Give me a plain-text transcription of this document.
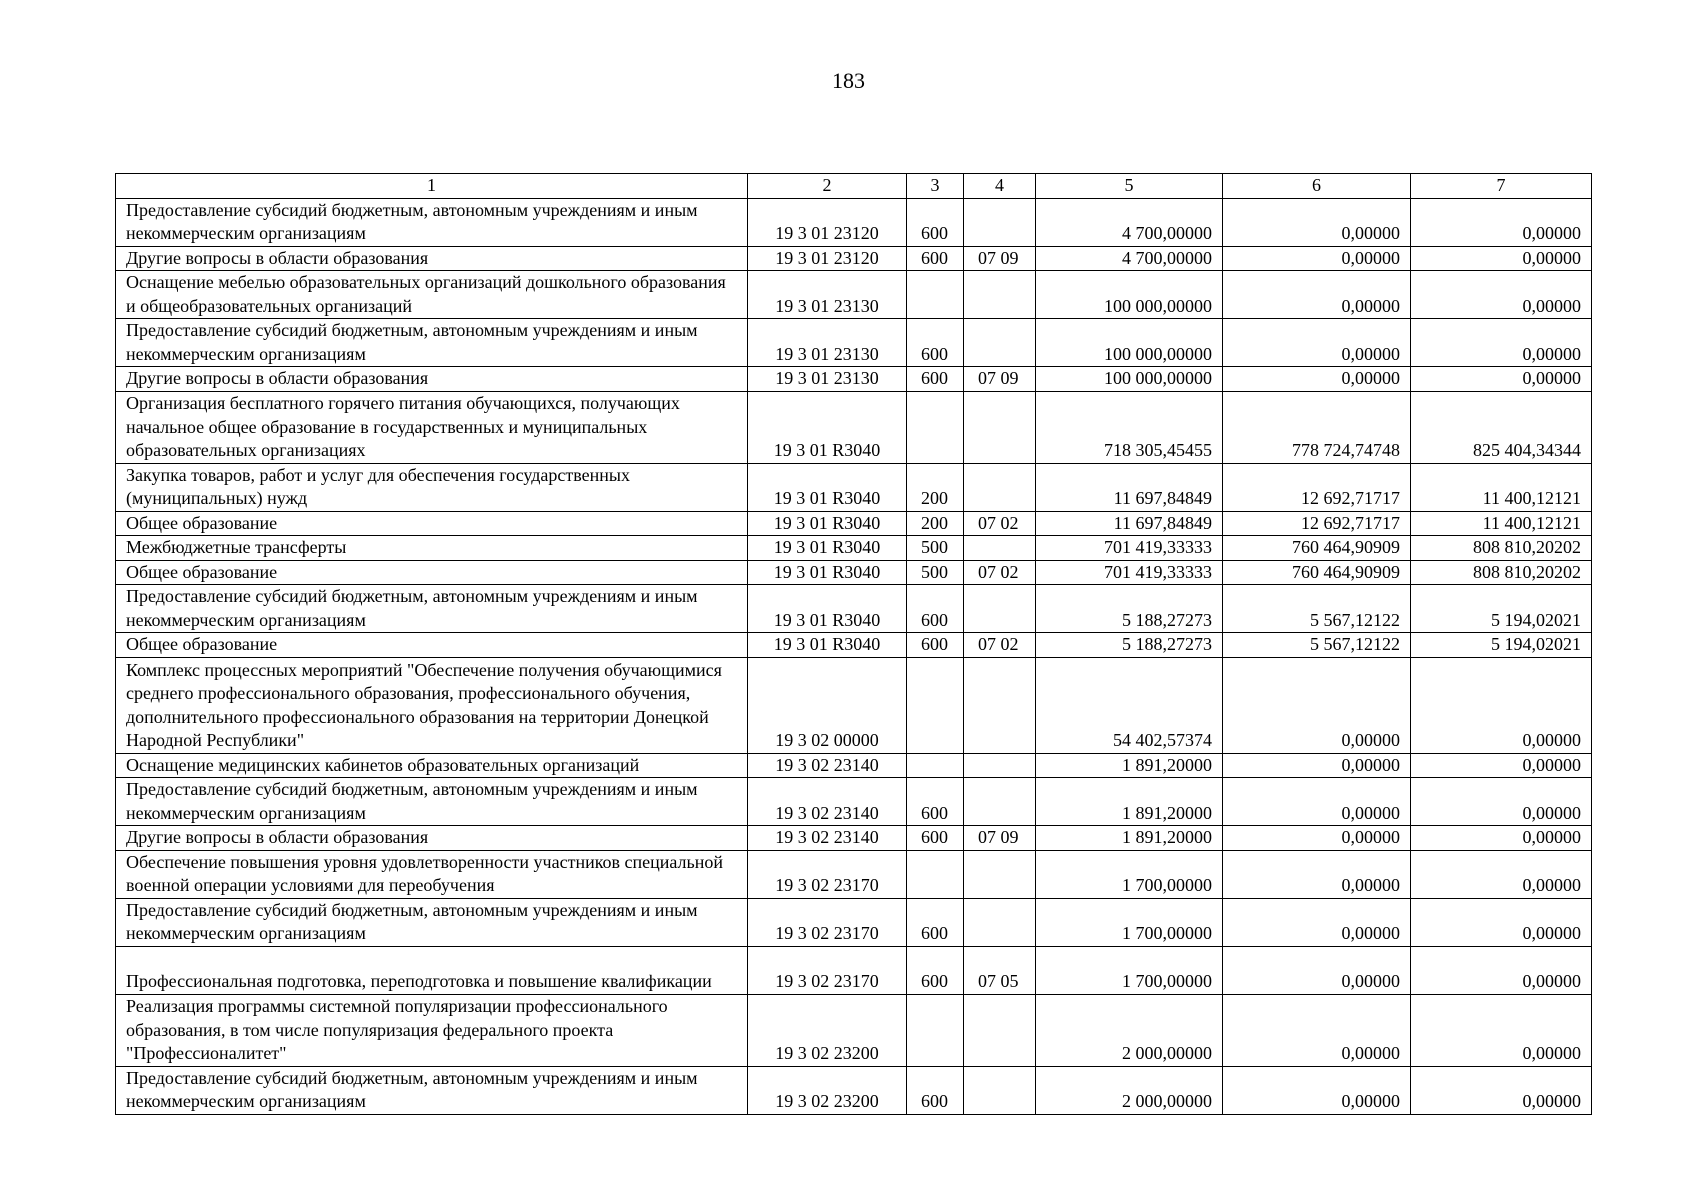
183
1	2	3	4	5	6	7
Предоставление субсидий бюджетным, автономным учреждениям и иным некоммерческим организациям	19 3 01 23120	600		4 700,00000	0,00000	0,00000
Другие вопросы в области образования	19 3 01 23120	600	07 09	4 700,00000	0,00000	0,00000
Оснащение мебелью образовательных организаций дошкольного образования и общеобразовательных организаций	19 3 01 23130			100 000,00000	0,00000	0,00000
Предоставление субсидий бюджетным, автономным учреждениям и иным некоммерческим организациям	19 3 01 23130	600		100 000,00000	0,00000	0,00000
Другие вопросы в области образования	19 3 01 23130	600	07 09	100 000,00000	0,00000	0,00000
Организация бесплатного горячего питания обучающихся, получающих начальное общее образование в государственных и муниципальных образовательных организациях	19 3 01 R3040			718 305,45455	778 724,74748	825 404,34344
Закупка товаров, работ и услуг для обеспечения государственных (муниципальных) нужд	19 3 01 R3040	200		11 697,84849	12 692,71717	11 400,12121
Общее образование	19 3 01 R3040	200	07 02	11 697,84849	12 692,71717	11 400,12121
Межбюджетные трансферты	19 3 01 R3040	500		701 419,33333	760 464,90909	808 810,20202
Общее образование	19 3 01 R3040	500	07 02	701 419,33333	760 464,90909	808 810,20202
Предоставление субсидий бюджетным, автономным учреждениям и иным некоммерческим организациям	19 3 01 R3040	600		5 188,27273	5 567,12122	5 194,02021
Общее образование	19 3 01 R3040	600	07 02	5 188,27273	5 567,12122	5 194,02021
Комплекс процессных мероприятий "Обеспечение получения обучающимися среднего профессионального образования, профессионального обучения, дополнительного профессионального образования на территории Донецкой Народной Республики"	19 3 02 00000			54 402,57374	0,00000	0,00000
Оснащение медицинских кабинетов образовательных организаций	19 3 02 23140			1 891,20000	0,00000	0,00000
Предоставление субсидий бюджетным, автономным учреждениям и иным некоммерческим организациям	19 3 02 23140	600		1 891,20000	0,00000	0,00000
Другие вопросы в области образования	19 3 02 23140	600	07 09	1 891,20000	0,00000	0,00000
Обеспечение повышения уровня удовлетворенности участников специальной военной операции условиями для переобучения	19 3 02 23170			1 700,00000	0,00000	0,00000
Предоставление субсидий бюджетным, автономным учреждениям и иным некоммерческим организациям	19 3 02 23170	600		1 700,00000	0,00000	0,00000
Профессиональная подготовка, переподготовка и повышение квалификации	19 3 02 23170	600	07 05	1 700,00000	0,00000	0,00000
Реализация программы системной популяризации профессионального образования, в том числе популяризация федерального проекта "Профессионалитет"	19 3 02 23200			2 000,00000	0,00000	0,00000
Предоставление субсидий бюджетным, автономным учреждениям и иным некоммерческим организациям	19 3 02 23200	600		2 000,00000	0,00000	0,00000
